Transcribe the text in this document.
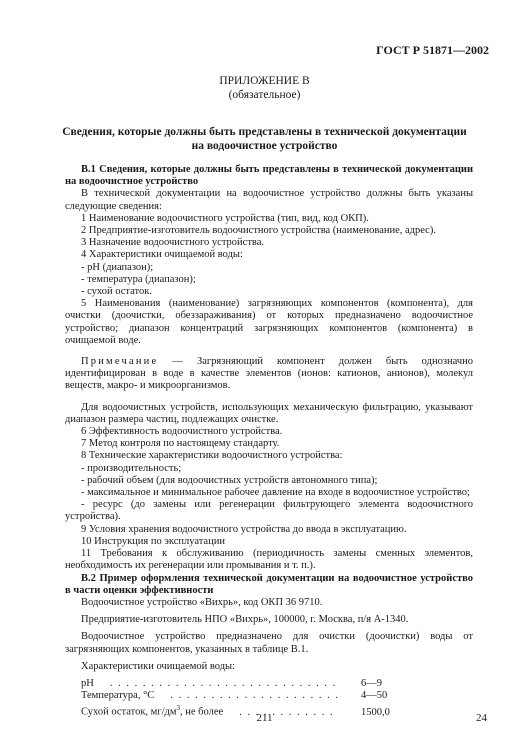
ГОСТ Р 51871—2002
ПРИЛОЖЕНИЕ В
(обязательное)
Сведения, которые должны быть представлены в технической документации
на водоочистное устройство

В.1 Сведения, которые должны быть представлены в технической документации на водоочистное устройство

В технической документации на водоочистное устройство должны быть указаны следующие сведения:

1 Наименование водоочистного устройства (тип, вид, код ОКП).

2 Предприятие-изготовитель водоочистного устройства (наименование, адрес).

3 Назначение водоочистного устройства.

4 Характеристики очищаемой воды:

- рН (диапазон);

- температура (диапазон);

- сухой остаток.

5 Наименования (наименование) загрязняющих компонентов (компонента), для очистки (доочистки, обеззараживания) от которых предназначено водоочистное устройство; диапазон концентраций загрязняющих компонентов (компонента) в очищаемой воде.

Примечание — Загрязняющий компонент должен быть однозначно идентифицирован в воде в качестве элементов (ионов: катионов, анионов), молекул веществ, макро- и микроорганизмов.

Для водоочистных устройств, использующих механическую фильтрацию, указывают диапазон размера частиц, подлежащих очистке.

6 Эффективность водоочистного устройства.

7 Метод контроля по настоящему стандарту.

8 Технические характеристики водоочистного устройства:

- производительность;

- рабочий объем (для водоочистных устройств автономного типа);

- максимальное и минимальное рабочее давление на входе в водоочистное устройство;

- ресурс (до замены или регенерации фильтрующего элемента водоочистного устройства).

9 Условия хранения водоочистного устройства до ввода в эксплуатацию.

10 Инструкция по эксплуатации

11 Требования к обслуживанию (периодичность замены сменных элементов, необходимость их регенерации или промывания и т. п.).

В.2 Пример оформления технической документации на водоочистное устройство в части оценки эффективности

Водоочистное устройство «Вихрь», код ОКП 36 9710.

Предприятие-изготовитель НПО «Вихрь», 100000, г. Москва, п/я А-1340.

Водоочистное устройство предназначено для очистки (доочистки) воды от загрязняющих компонентов, указанных в таблице В.1.

Характеристики очищаемой воды:

рН . . .	6—9
Температура, °С . . .	4—50
Сухой остаток, $мг/дм^3$, не более . . .	1500,0
211	24
